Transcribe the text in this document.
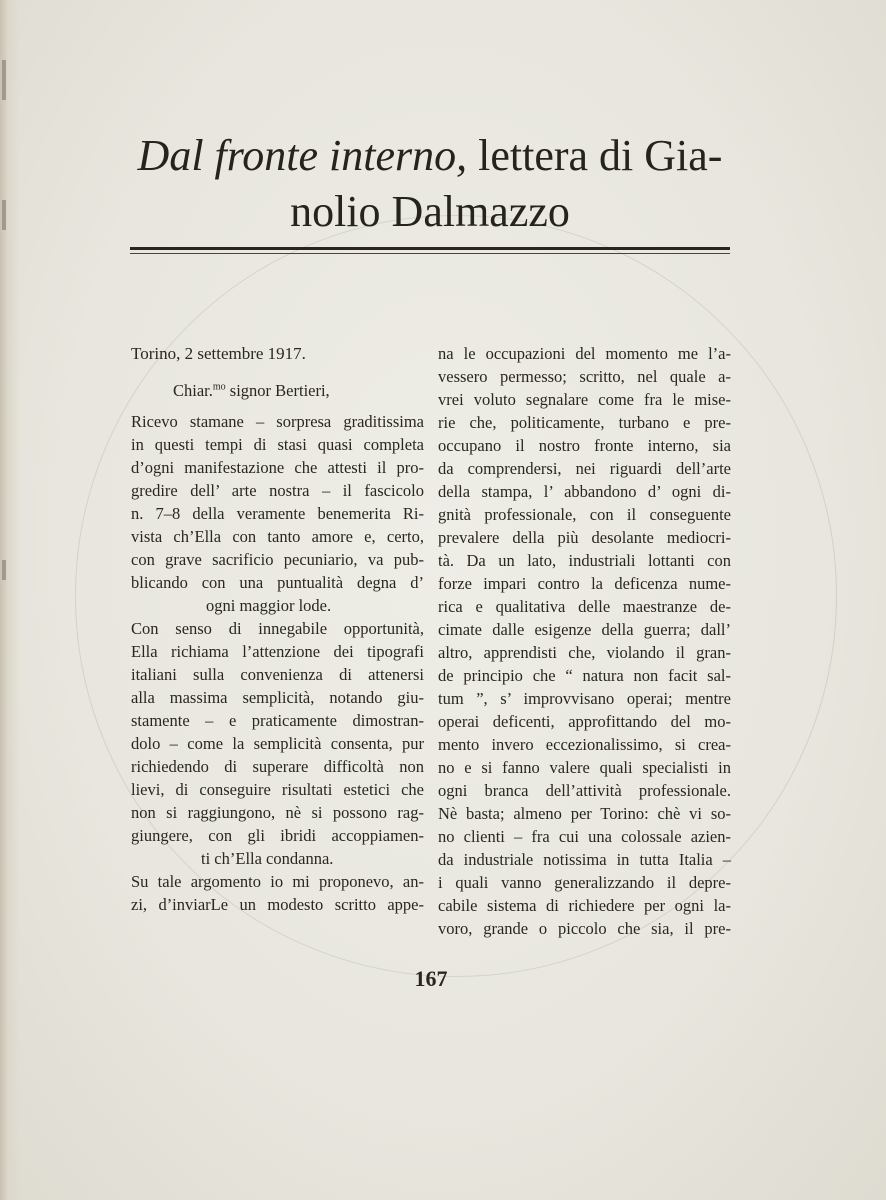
Dal fronte interno, lettera di Gia-
nolio Dalmazzo
Torino, 2 settembre 1917.
Chiar.$^{mo}$ signor Bertieri,
Ricevo stamane – sorpresa graditissima
in questi tempi di stasi quasi completa
d’ogni manifestazione che attesti il pro-
gredire dell’ arte nostra – il fascicolo
n. 7–8 della veramente benemerita Ri-
vista ch’Ella con tanto amore e, certo,
con grave sacrificio pecuniario, va pub-
blicando con una puntualità degna d’
ogni maggior lode.
Con senso di innegabile opportunità,
Ella richiama l’attenzione dei tipografi
italiani sulla convenienza di attenersi
alla massima semplicità, notando giu-
stamente – e praticamente dimostran-
dolo – come la semplicità consenta, pur
richiedendo di superare difficoltà non
lievi, di conseguire risultati estetici che
non si raggiungono, nè si possono rag-
giungere, con gli ibridi accoppiamen-
ti ch’Ella condanna.
Su tale argomento io mi proponevo, an-
zi, d’inviarLe un modesto scritto appe-
na le occupazioni del momento me l’a-
vessero permesso; scritto, nel quale a-
vrei voluto segnalare come fra le mise-
rie che, politicamente, turbano e pre-
occupano il nostro fronte interno, sia
da comprendersi, nei riguardi dell’arte
della stampa, l’ abbandono d’ ogni di-
gnità professionale, con il conseguente
prevalere della più desolante mediocri-
tà. Da un lato, industriali lottanti con
forze impari contro la deficenza nume-
rica e qualitativa delle maestranze de-
cimate dalle esigenze della guerra; dall’
altro, apprendisti che, violando il gran-
de principio che “ natura non facit sal-
tum ”, s’ improvvisano operai; mentre
operai deficenti, approfittando del mo-
mento invero eccezionalissimo, si crea-
no e si fanno valere quali specialisti in
ogni branca dell’attività professionale.
Nè basta; almeno per Torino: chè vi so-
no clienti – fra cui una colossale azien-
da industriale notissima in tutta Italia –
i quali vanno generalizzando il depre-
cabile sistema di richiedere per ogni la-
voro, grande o piccolo che sia, il pre-
167
